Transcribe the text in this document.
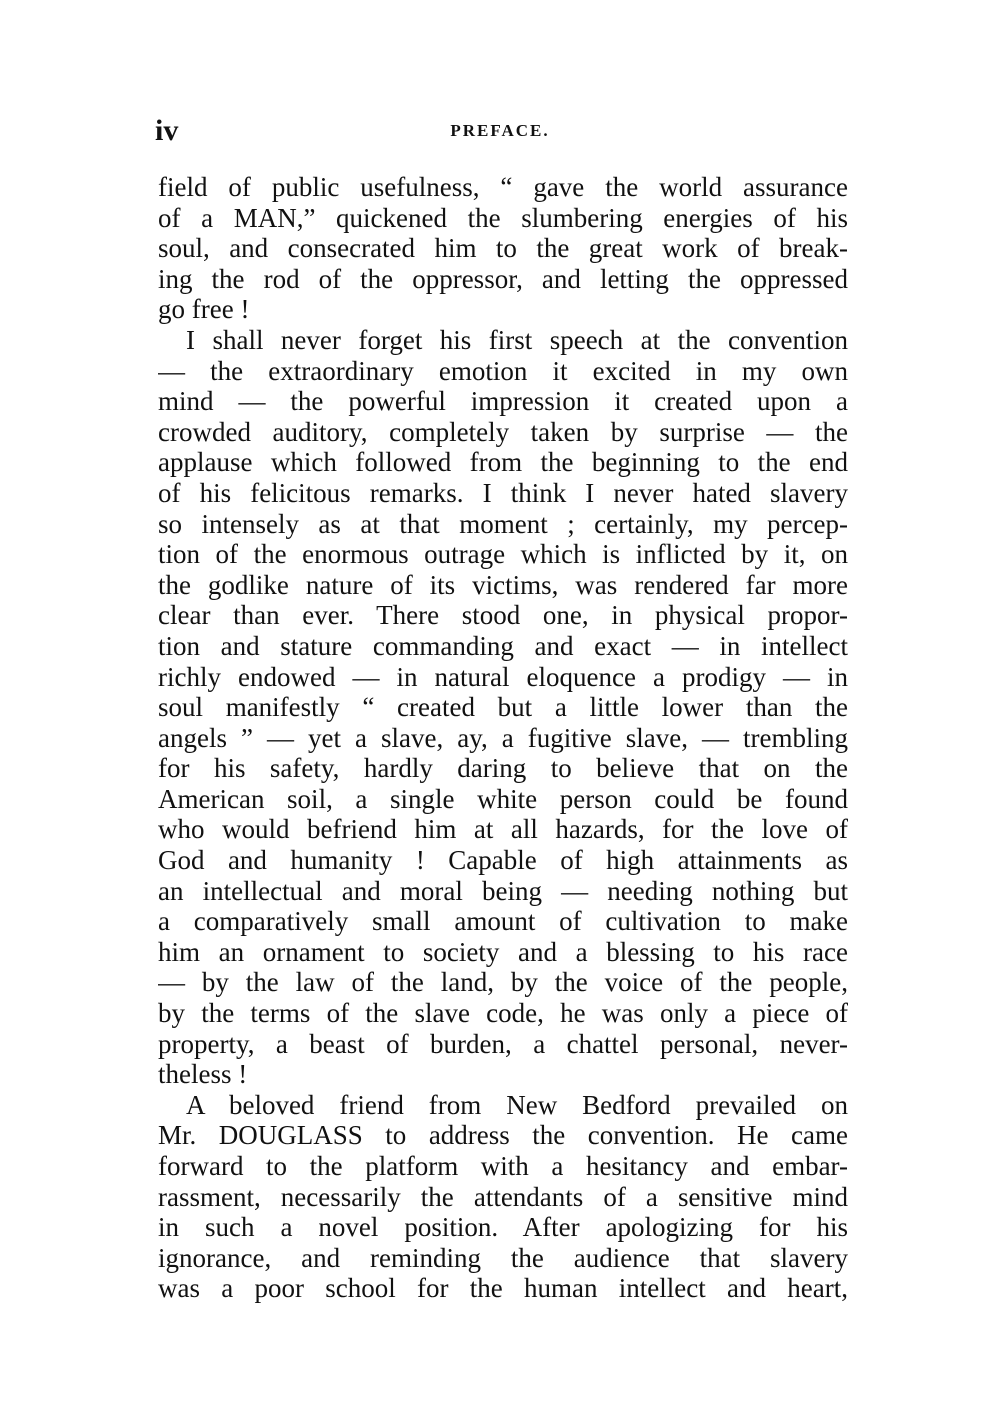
iv	PREFACE.
field of public usefulness, “ gave the world assurance
of a MAN,” quickened the slumbering energies of his
soul, and consecrated him to the great work of break-
ing the rod of the oppressor, and letting the oppressed
go free !
I shall never forget his first speech at the convention
— the extraordinary emotion it excited in my own
mind — the powerful impression it created upon a
crowded auditory, completely taken by surprise — the
applause which followed from the beginning to the end
of his felicitous remarks. I think I never hated slavery
so intensely as at that moment ; certainly, my percep-
tion of the enormous outrage which is inflicted by it, on
the godlike nature of its victims, was rendered far more
clear than ever. There stood one, in physical propor-
tion and stature commanding and exact — in intellect
richly endowed — in natural eloquence a prodigy — in
soul manifestly “ created but a little lower than the
angels ” — yet a slave, ay, a fugitive slave, — trembling
for his safety, hardly daring to believe that on the
American soil, a single white person could be found
who would befriend him at all hazards, for the love of
God and humanity ! Capable of high attainments as
an intellectual and moral being — needing nothing but
a comparatively small amount of cultivation to make
him an ornament to society and a blessing to his race
— by the law of the land, by the voice of the people,
by the terms of the slave code, he was only a piece of
property, a beast of burden, a chattel personal, never-
theless !
A beloved friend from New Bedford prevailed on
Mr. DOUGLASS to address the convention. He came
forward to the platform with a hesitancy and embar-
rassment, necessarily the attendants of a sensitive mind
in such a novel position. After apologizing for his
ignorance, and reminding the audience that slavery
was a poor school for the human intellect and heart,
